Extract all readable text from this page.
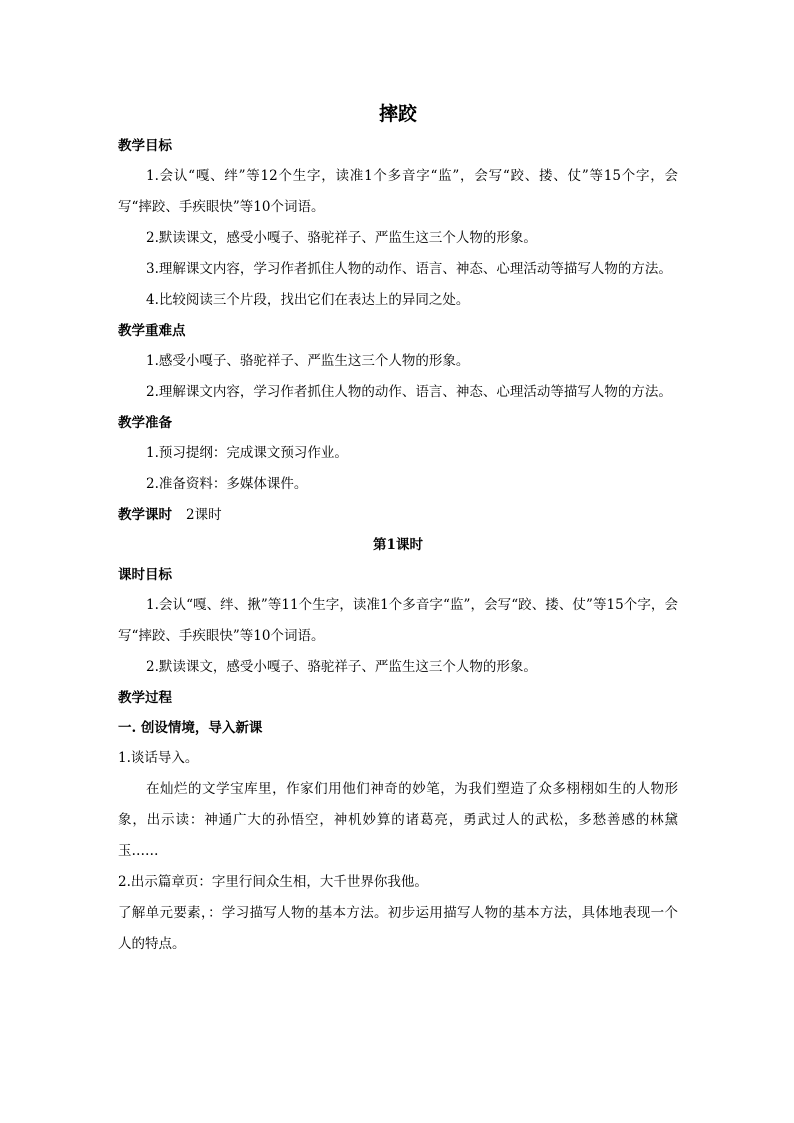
摔跤
教学目标
1.会认“嘎、绊”等12个生字，读准1个多音字“监”，会写“跤、搂、仗”等15个字，会写“摔跤、手疾眼快”等10个词语。
2.默读课文，感受小嘎子、骆驼祥子、严监生这三个人物的形象。
3.理解课文内容，学习作者抓住人物的动作、语言、神态、心理活动等描写人物的方法。
4.比较阅读三个片段，找出它们在表达上的异同之处。
教学重难点
1.感受小嘎子、骆驼祥子、严监生这三个人物的形象。
2.理解课文内容，学习作者抓住人物的动作、语言、神态、心理活动等描写人物的方法。
教学准备
1.预习提纲：完成课文预习作业。
2.准备资料：多媒体课件。
教学课时 2课时
第1课时
课时目标
1.会认“嘎、绊、揪”等11个生字，读准1个多音字“监”，会写“跤、搂、仗”等15个字，会写“摔跤、手疾眼快”等10个词语。
2.默读课文，感受小嘎子、骆驼祥子、严监生这三个人物的形象。
教学过程
一. 创设情境，导入新课
1.谈话导入。
在灿烂的文学宝库里，作家们用他们神奇的妙笔，为我们塑造了众多栩栩如生的人物形象，出示读：神通广大的孙悟空，神机妙算的诸葛亮，勇武过人的武松，多愁善感的林黛玉……
2.出示篇章页：字里行间众生相，大千世界你我他。
了解单元要素，：学习描写人物的基本方法。初步运用描写人物的基本方法，具体地表现一个人的特点。
